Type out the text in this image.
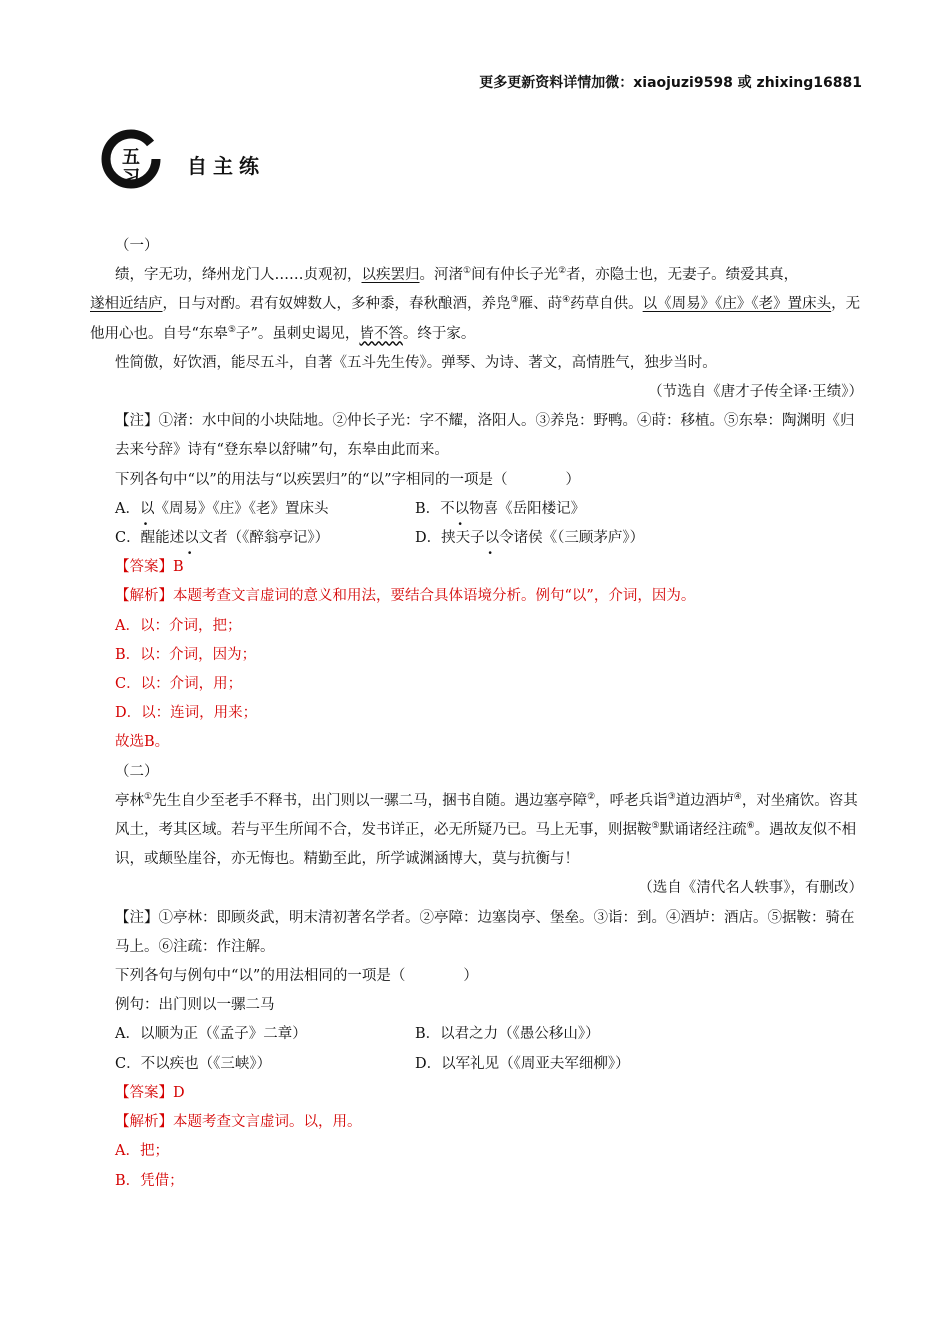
更多更新资料详情加微：xiaojuzi9598 或 zhixing16881
五
习 自主练

（一）

绩，字无功，绛州龙门人……贞观初，以疾罢归。河渚①间有仲长子光②者，亦隐士也，无妻子。绩爱其真，

遂相近结庐，日与对酌。君有奴婢数人，多种黍，春秋酿酒，养凫③雁、莳④药草自供。以《周易》《庄》《老》置床头，无他用心也。自号“东皋⑤子”。虽刺史谒见，皆不答。终于家。

性简傲，好饮酒，能尽五斗，自著《五斗先生传》。弹琴、为诗、著文，高情胜气，独步当时。

（节选自《唐才子传全译·王绩》）

【注】①渚：水中间的小块陆地。②仲长子光：字不耀，洛阳人。③养凫：野鸭。④莳：移植。⑤东皋：陶渊明《归去来兮辞》诗有“登东皋以舒啸”句，东皋由此而来。

下列各句中“以”的用法与“以疾罢归”的“以”字相同的一项是（　　　　）

A．以《周易》《庄》《老》置床头	B．不以物喜《岳阳楼记》
C．醒能述以文者（《醉翁亭记》）	D．挟天子以令诸侯《（三顾茅庐》）

【答案】B

【解析】本题考查文言虚词的意义和用法，要结合具体语境分析。例句“以”，介词，因为。

A．以：介词，把；

B．以：介词，因为；

C．以：介词，用；

D．以：连词，用来；

故选B。

（二）

亭林①先生自少至老手不释书，出门则以一骡二马，捆书自随。遇边塞亭障②，呼老兵诣③道边酒垆④，对坐痛饮。咨其风土，考其区域。若与平生所闻不合，发书详正，必无所疑乃已。马上无事，则据鞍⑤默诵诸经注疏⑥。遇故友似不相识，或颠坠崖谷，亦无悔也。精勤至此，所学诚渊涵博大，莫与抗衡与！

（选自《清代名人轶事》，有删改）

【注】①亭林：即顾炎武，明末清初著名学者。②亭障：边塞岗亭、堡垒。③诣：到。④酒垆：酒店。⑤据鞍：骑在马上。⑥注疏：作注解。

下列各句与例句中“以”的用法相同的一项是（　　　　）

例句：出门则以一骡二马

A．以顺为正（《孟子》二章）	B．以君之力（《愚公移山》）
C．不以疾也（《三峡》）	D．以军礼见（《周亚夫军细柳》）

【答案】D

【解析】本题考查文言虚词。以，用。

A．把；

B．凭借；
